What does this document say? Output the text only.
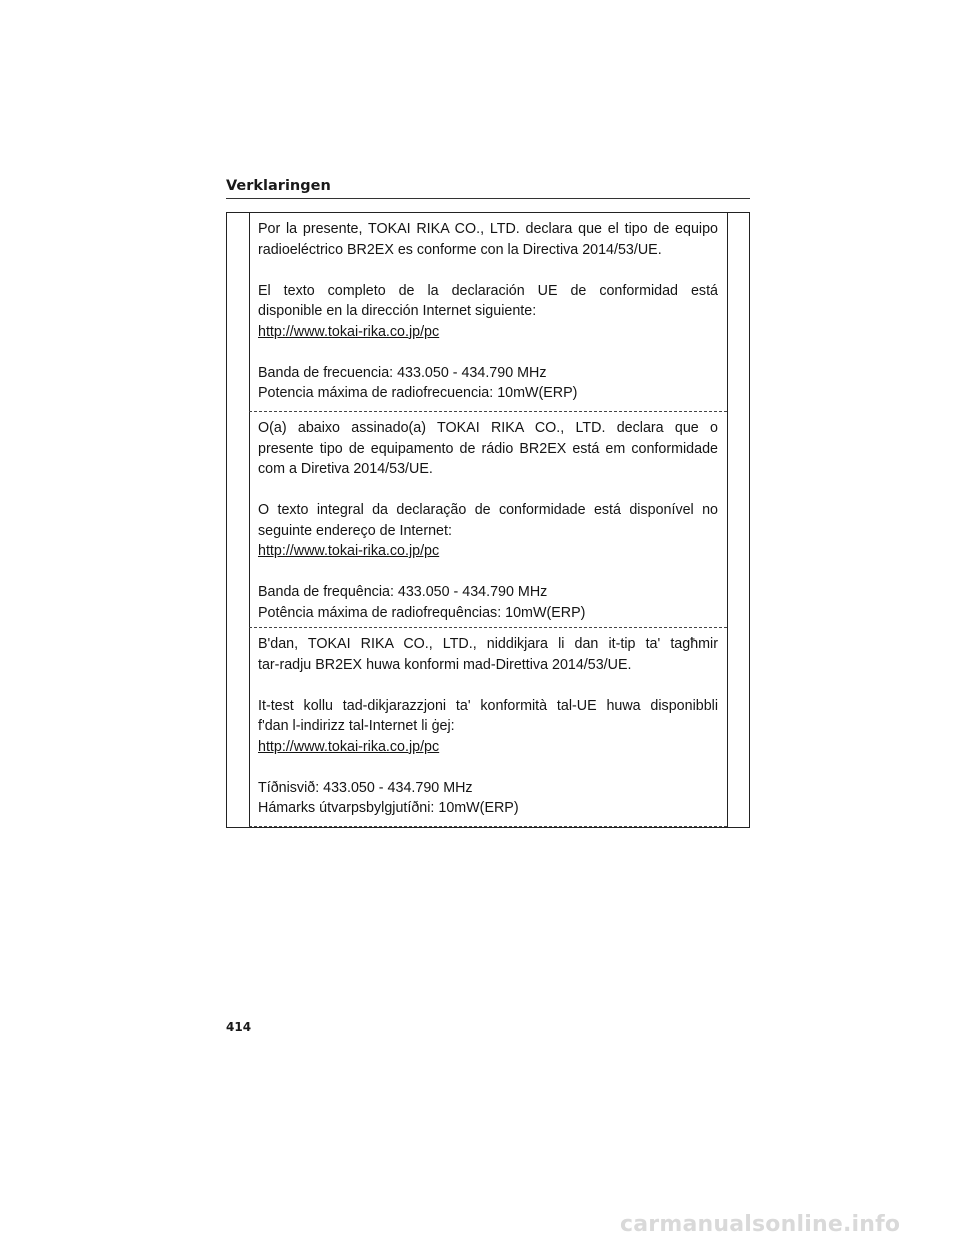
Verklaringen

Por la presente, TOKAI RIKA CO., LTD. declara que el tipo de equipo
radioeléctrico BR2EX es conforme con la Directiva 2014/53/UE.

El texto completo de la declaración UE de conformidad está
disponible en la dirección Internet siguiente:
http://www.tokai-rika.co.jp/pc

Banda de frecuencia: 433.050 - 434.790 MHz
Potencia máxima de radiofrecuencia: 10mW(ERP)

O(a) abaixo assinado(a) TOKAI RIKA CO., LTD. declara que o
presente tipo de equipamento de rádio BR2EX está em conformidade
com a Diretiva 2014/53/UE.

O texto integral da declaração de conformidade está disponível no
seguinte endereço de Internet:
http://www.tokai-rika.co.jp/pc

Banda de frequência: 433.050 - 434.790 MHz
Potência máxima de radiofrequências: 10mW(ERP)

B'dan, TOKAI RIKA CO., LTD., niddikjara li dan it-tip ta' tagħmir
tar-radju BR2EX huwa konformi mad-Direttiva 2014/53/UE.

It-test kollu tad-dikjarazzjoni ta' konformità tal-UE huwa disponibbli
f'dan l-indirizz tal-Internet li ġej:
http://www.tokai-rika.co.jp/pc

Tíðnisvið: 433.050 - 434.790 MHz
Hámarks útvarpsbylgjutíðni: 10mW(ERP)

414
carmanualsonline.info
